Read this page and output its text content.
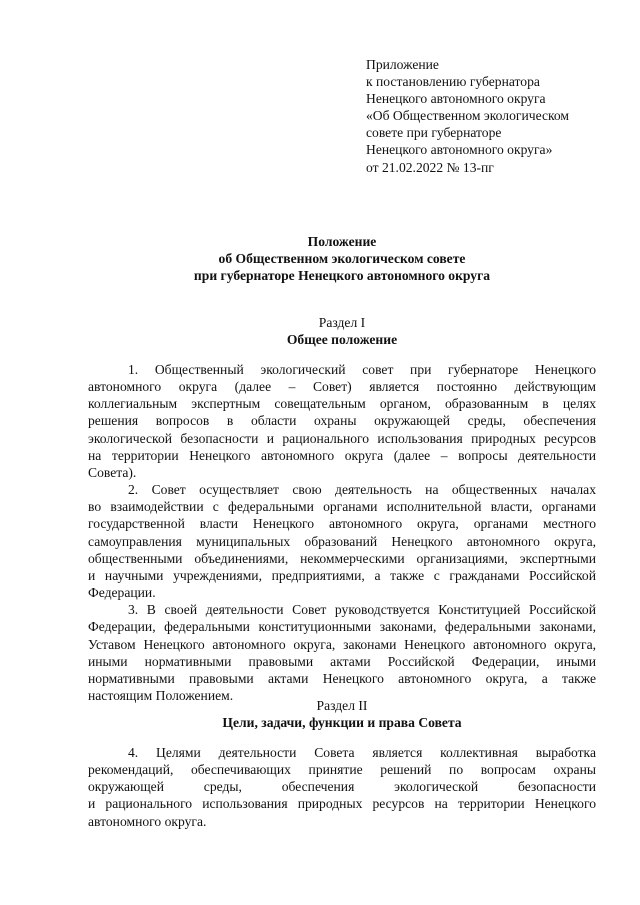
Приложение
к постановлению губернатора
Ненецкого автономного округа
«Об Общественном экологическом
совете при губернаторе
Ненецкого автономного округа»
от 21.02.2022 № 13-пг
Положение
об Общественном экологическом совете
при губернаторе Ненецкого автономного округа
Раздел I
Общее положение
1. Общественный экологический совет при губернаторе Ненецкого
автономного округа (далее – Совет) является постоянно действующим
коллегиальным экспертным совещательным органом, образованным в целях
решения вопросов в области охраны окружающей среды, обеспечения
экологической безопасности и рационального использования природных ресурсов
на территории Ненецкого автономного округа (далее – вопросы деятельности
Совета).
2. Совет осуществляет свою деятельность на общественных началах
во взаимодействии с федеральными органами исполнительной власти, органами
государственной власти Ненецкого автономного округа, органами местного
самоуправления муниципальных образований Ненецкого автономного округа,
общественными объединениями, некоммерческими организациями, экспертными
и научными учреждениями, предприятиями, а также с гражданами Российской
Федерации.
3. В своей деятельности Совет руководствуется Конституцией Российской
Федерации, федеральными конституционными законами, федеральными законами,
Уставом Ненецкого автономного округа, законами Ненецкого автономного округа,
иными нормативными правовыми актами Российской Федерации, иными
нормативными правовыми актами Ненецкого автономного округа, а также
настоящим Положением.
Раздел II
Цели, задачи, функции и права Совета
4. Целями деятельности Совета является коллективная выработка
рекомендаций, обеспечивающих принятие решений по вопросам охраны
окружающей среды, обеспечения экологической безопасности
и рационального использования природных ресурсов на территории Ненецкого
автономного округа.
